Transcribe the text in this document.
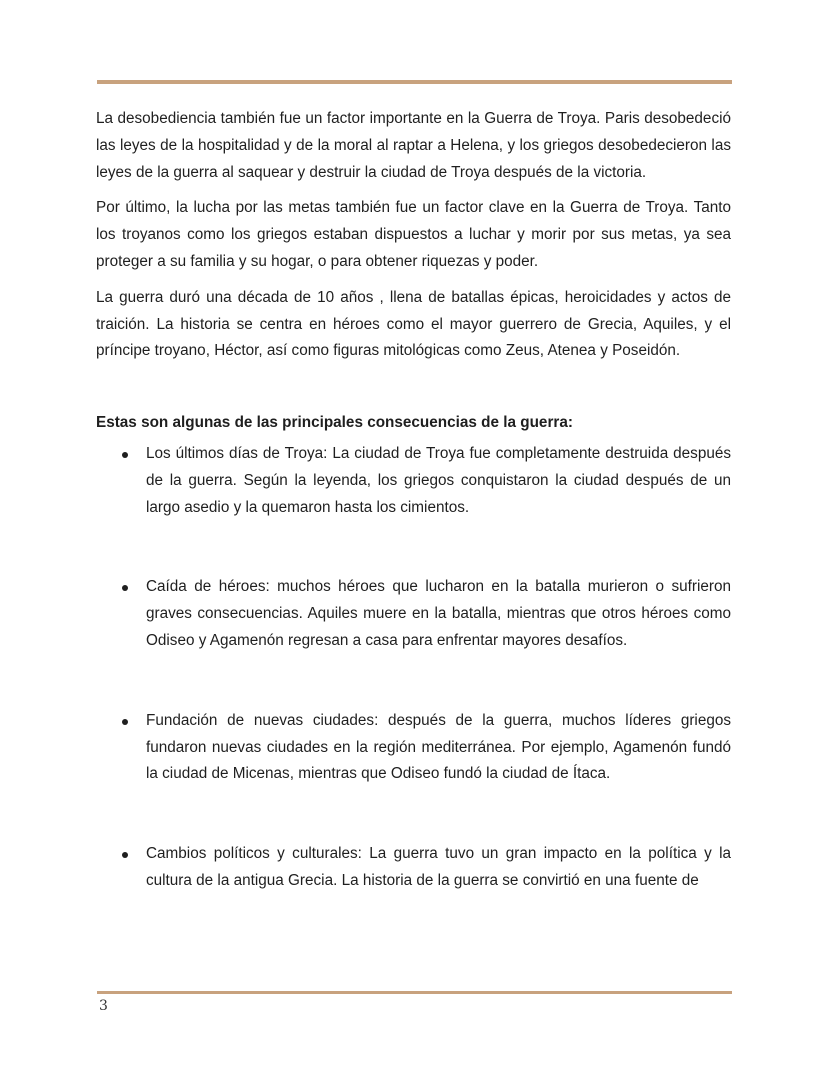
La desobediencia también fue un factor importante en la Guerra de Troya. Paris desobedeció las leyes de la hospitalidad y de la moral al raptar a Helena, y los griegos desobedecieron las leyes de la guerra al saquear y destruir la ciudad de Troya después de la victoria.

Por último, la lucha por las metas también fue un factor clave en la Guerra de Troya. Tanto los troyanos como los griegos estaban dispuestos a luchar y morir por sus metas, ya sea proteger a su familia y su hogar, o para obtener riquezas y poder.

La guerra duró una década de 10 años , llena de batallas épicas, heroicidades y actos de traición. La historia se centra en héroes como el mayor guerrero de Grecia, Aquiles, y el príncipe troyano, Héctor, así como figuras mitológicas como Zeus, Atenea y Poseidón.

Estas son algunas de las principales consecuencias de la guerra:

Los últimos días de Troya: La ciudad de Troya fue completamente destruida después de la guerra. Según la leyenda, los griegos conquistaron la ciudad después de un largo asedio y la quemaron hasta los cimientos.
Caída de héroes: muchos héroes que lucharon en la batalla murieron o sufrieron graves consecuencias. Aquiles muere en la batalla, mientras que otros héroes como Odiseo y Agamenón regresan a casa para enfrentar mayores desafíos.
Fundación de nuevas ciudades: después de la guerra, muchos líderes griegos fundaron nuevas ciudades en la región mediterránea. Por ejemplo, Agamenón fundó la ciudad de Micenas, mientras que Odiseo fundó la ciudad de Ítaca.
Cambios políticos y culturales: La guerra tuvo un gran impacto en la política y la cultura de la antigua Grecia. La historia de la guerra se convirtió en una fuente de
3
